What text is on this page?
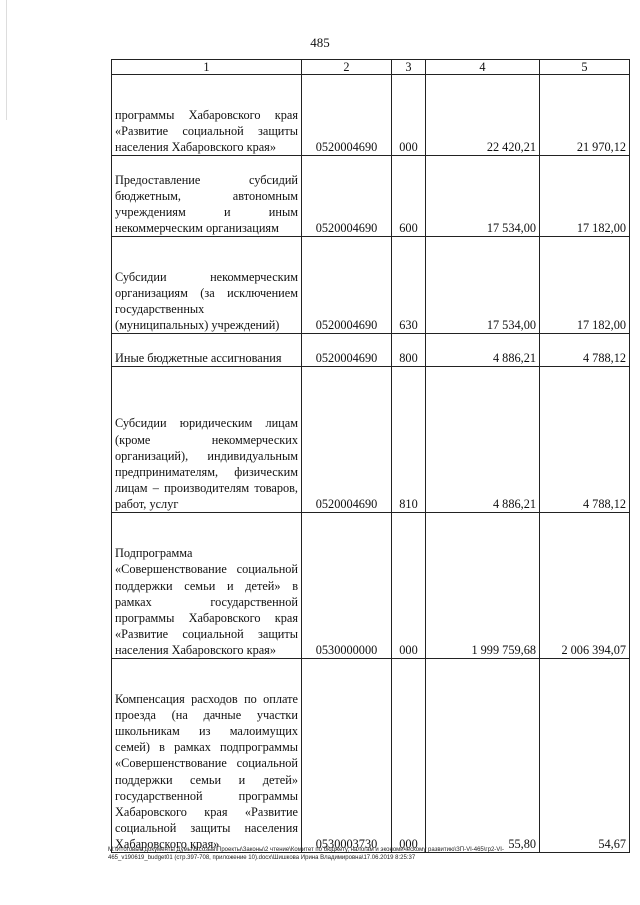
485
1	2	3	4	5
программы Хабаровского края «Развитие социальной защиты населения Хабаровского края»	0520004690	000	22 420,21	21 970,12
Предоставление субсидий бюджетным, автономным учреждениям и иным некоммерческим организациям	0520004690	600	17 534,00	17 182,00
Субсидии некоммерческим организациям (за исключением государственных (муниципальных) учреждений)	0520004690	630	17 534,00	17 182,00
Иные бюджетные ассигнования	0520004690	800	4 886,21	4 788,12
Субсидии юридическим лицам (кроме некоммерческих организаций), индивидуальным предпринимателям, физическим лицам – производителям товаров, работ, услуг	0520004690	810	4 886,21	4 788,12
Подпрограмма «Совершенствование социальной поддержки семьи и детей» в рамках государственной программы Хабаровского края «Развитие социальной защиты населения Хабаровского края»	0530000000	000	1 999 759,68	2 006 394,07
Компенсация расходов по оплате проезда (на дачные участки школьникам из малоимущих семей) в рамках подпрограммы «Совершенствование социальной поддержки семьи и детей» государственной программы Хабаровского края «Развитие социальной защиты населения Хабаровского края»	0530003730	000	55,80	54,67
М:\Итоговые документы Думы\6 созыв\Проекты\Законы\2 чтение\Комитет по бюджету, налогам и экономическому развитию\ЗП-VI-465\гр2-VI-
465_v190619_budget01 (стр.397-708, приложение 10).docx\Шишкова Ирина Владимировна\17.06.2019 8:25:37
